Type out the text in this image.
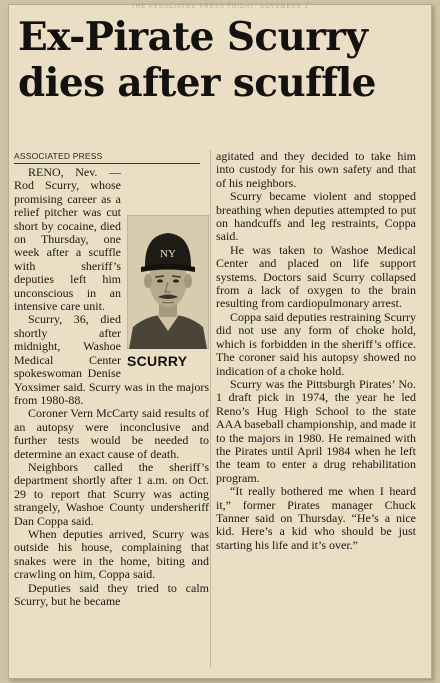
THE ASSOCIATED PRESS FRIDAY, NOVEMBER 1
Ex-Pirate Scurry
dies after scuffle
ASSOCIATED PRESS

NY
SCURRY
RENO, Nev. — Rod Scurry, whose promising career as a relief pitcher was cut short by cocaine, died on Thursday, one week after a scuffle with sheriff’s deputies left him unconscious in an intensive care unit.

Scurry, 36, died shortly after midnight, Washoe Medical Center spokeswoman Denise Yoxsimer said. Scurry was in the majors from 1980-88.

Coroner Vern McCarty said results of an autopsy were inconclusive and further tests would be needed to determine an exact cause of death.

Neighbors called the sheriff’s department shortly after 1 a.m. on Oct. 29 to report that Scurry was acting strangely, Washoe County undersheriff Dan Coppa said.

When deputies arrived, Scurry was outside his house, complaining that snakes were in the home, biting and crawling on him, Coppa said.

Deputies said they tried to calm Scurry, but he became

agitated and they decided to take him into custody for his own safety and that of his neighbors.

Scurry became violent and stopped breathing when deputies attempted to put on handcuffs and leg restraints, Coppa said.

He was taken to Washoe Medical Center and placed on life support systems. Doctors said Scurry collapsed from a lack of oxygen to the brain resulting from cardiopulmonary arrest.

Coppa said deputies restraining Scurry did not use any form of choke hold, which is forbidden in the sheriff’s office. The coroner said his autopsy showed no indication of a choke hold.

Scurry was the Pittsburgh Pirates’ No. 1 draft pick in 1974, the year he led Reno’s Hug High School to the state AAA baseball championship, and made it to the majors in 1980. He remained with the Pirates until April 1984 when he left the team to enter a drug rehabilitation program.

“It really bothered me when I heard it,” former Pirates manager Chuck Tanner said on Thursday. “He’s a nice kid. Here’s a kid who should be just starting his life and it’s over.”
